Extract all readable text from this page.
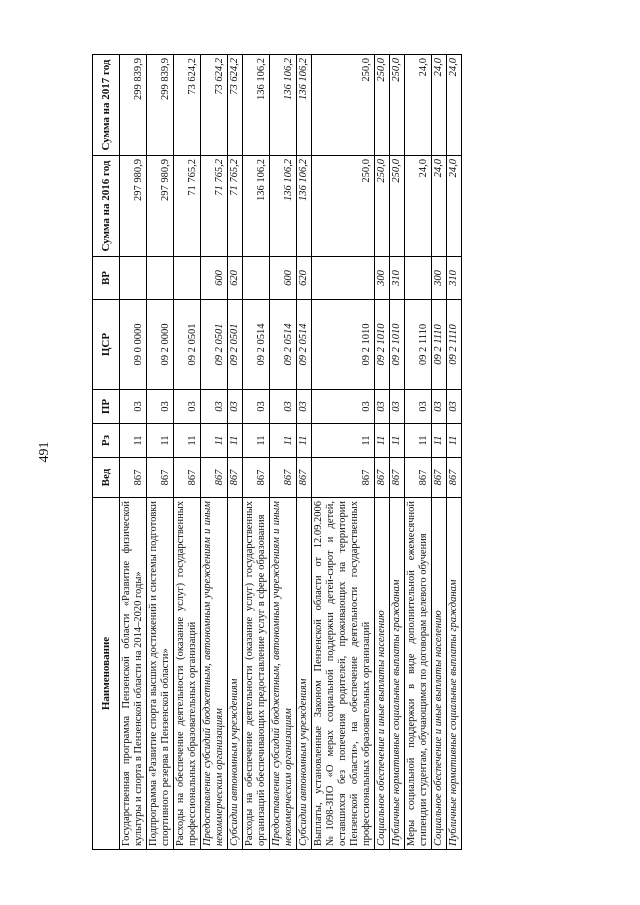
491
Наименование	Вед	Рз	ПР	ЦСР	ВР	Сумма на 2016 год	Сумма на 2017 год
Государственная программа Пензенской области «Развитие физической культуры и спорта в Пензенской области на 2014–2020 годы»	867	11	03	09 0 0000		297 980,9	299 839,9
Подпрограмма «Развитие спорта высших достижений и системы подготовки спортивного резерва в Пензенской области»	867	11	03	09 2 0000		297 980,9	299 839,9
Расходы на обеспечение деятельности (оказание услуг) государственных профессиональных образовательных организаций	867	11	03	09 2 0501		71 765,2	73 624,2
Предоставление субсидий бюджетным, автономным учреждениям и иным некоммерческим организациям	867	11	03	09 2 0501	600	71 765,2	73 624,2
Субсидии автономным учреждениям	867	11	03	09 2 0501	620	71 765,2	73 624,2
Расходы на обеспечение деятельности (оказание услуг) государственных организаций обеспечивающих предоставление услуг в сфере образования	867	11	03	09 2 0514		136 106,2	136 106,2
Предоставление субсидий бюджетным, автономным учреждениям и иным некоммерческим организациям	867	11	03	09 2 0514	600	136 106,2	136 106,2
Субсидии автономным учреждениям	867	11	03	09 2 0514	620	136 106,2	136 106,2
Выплаты, установленные Законом Пензенской области от 12.09.2006 №1098-ЗПО «О мерах социальной поддержки детей-сирот и детей, оставшихся без попечения родителей, проживающих на территории Пензенской области», на обеспечение деятельности государственных профессиональных образовательных организаций	867	11	03	09 2 1010		250,0	250,0
Социальное обеспечение и иные выплаты населению	867	11	03	09 2 1010	300	250,0	250,0
Публичные нормативные социальные выплаты гражданам	867	11	03	09 2 1010	310	250,0	250,0
Меры социальной поддержки в виде дополнительной ежемесячной стипендии студентам, обучающимся по договорам целевого обучения	867	11	03	09 2 1110		24,0	24,0
Социальное обеспечение и иные выплаты населению	867	11	03	09 2 1110	300	24,0	24,0
Публичные нормативные социальные выплаты гражданам	867	11	03	09 2 1110	310	24,0	24,0
